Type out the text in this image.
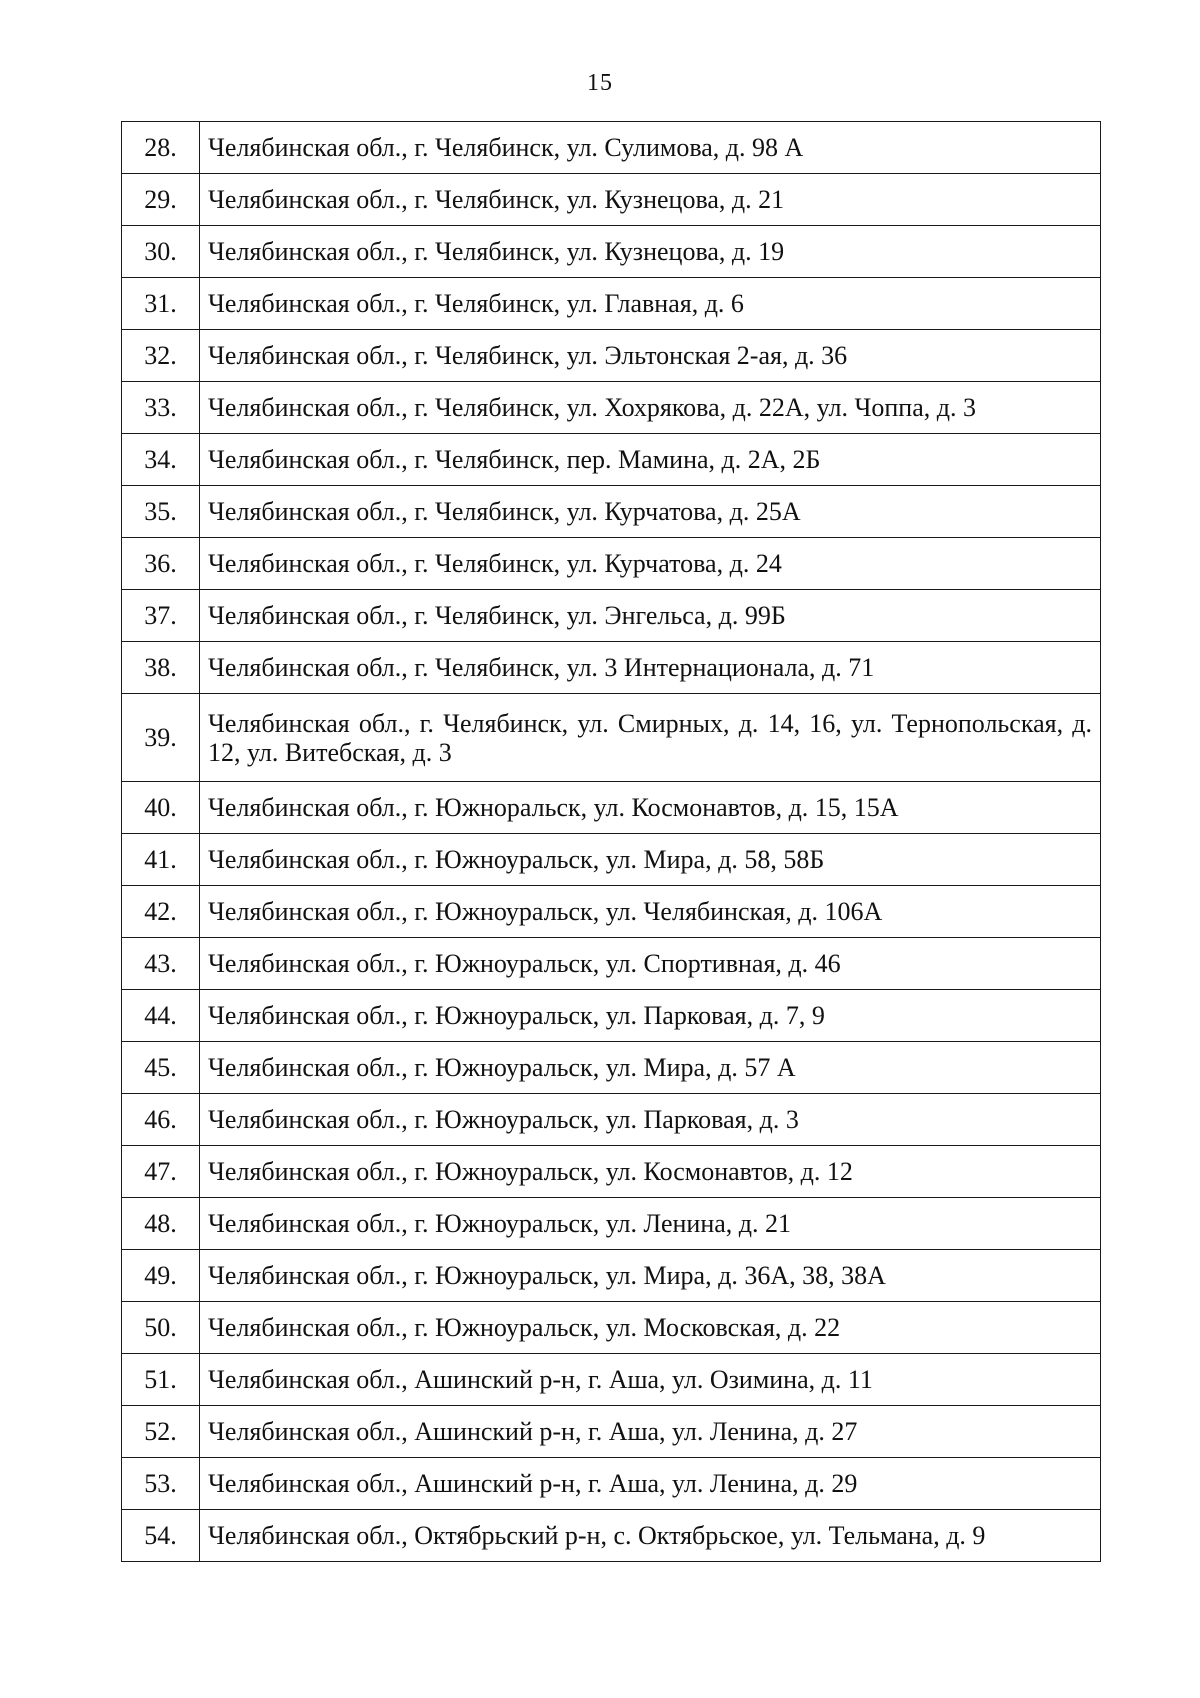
15
28.	Челябинская обл., г. Челябинск, ул. Сулимова, д. 98 А
29.	Челябинская обл., г. Челябинск, ул. Кузнецова, д. 21
30.	Челябинская обл., г. Челябинск, ул. Кузнецова, д. 19
31.	Челябинская обл., г. Челябинск, ул. Главная, д. 6
32.	Челябинская обл., г. Челябинск, ул. Эльтонская 2-ая, д. 36
33.	Челябинская обл., г. Челябинск, ул. Хохрякова, д. 22А, ул. Чоппа, д. 3
34.	Челябинская обл., г. Челябинск, пер. Мамина, д. 2А, 2Б
35.	Челябинская обл., г. Челябинск, ул. Курчатова, д. 25А
36.	Челябинская обл., г. Челябинск, ул. Курчатова, д. 24
37.	Челябинская обл., г. Челябинск, ул. Энгельса, д. 99Б
38.	Челябинская обл., г. Челябинск, ул. 3 Интернационала, д. 71
39.	Челябинская обл., г. Челябинск, ул. Смирных, д. 14, 16, ул. Тернопольская, д. 12, ул. Витебская, д. 3
40.	Челябинская обл., г. Южноральск, ул. Космонавтов, д. 15, 15А
41.	Челябинская обл., г. Южноуральск, ул. Мира, д. 58, 58Б
42.	Челябинская обл., г. Южноуральск, ул. Челябинская, д. 106А
43.	Челябинская обл., г. Южноуральск, ул. Спортивная, д. 46
44.	Челябинская обл., г. Южноуральск, ул. Парковая, д. 7, 9
45.	Челябинская обл., г. Южноуральск, ул. Мира, д. 57 А
46.	Челябинская обл., г. Южноуральск, ул. Парковая, д. 3
47.	Челябинская обл., г. Южноуральск, ул. Космонавтов, д. 12
48.	Челябинская обл., г. Южноуральск, ул. Ленина, д. 21
49.	Челябинская обл., г. Южноуральск, ул. Мира, д. 36А, 38, 38А
50.	Челябинская обл., г. Южноуральск, ул. Московская, д. 22
51.	Челябинская обл., Ашинский р-н, г. Аша, ул. Озимина, д. 11
52.	Челябинская обл., Ашинский р-н, г. Аша, ул. Ленина, д. 27
53.	Челябинская обл., Ашинский р-н, г. Аша, ул. Ленина, д. 29
54.	Челябинская обл., Октябрьский р-н, с. Октябрьское, ул. Тельмана, д. 9
